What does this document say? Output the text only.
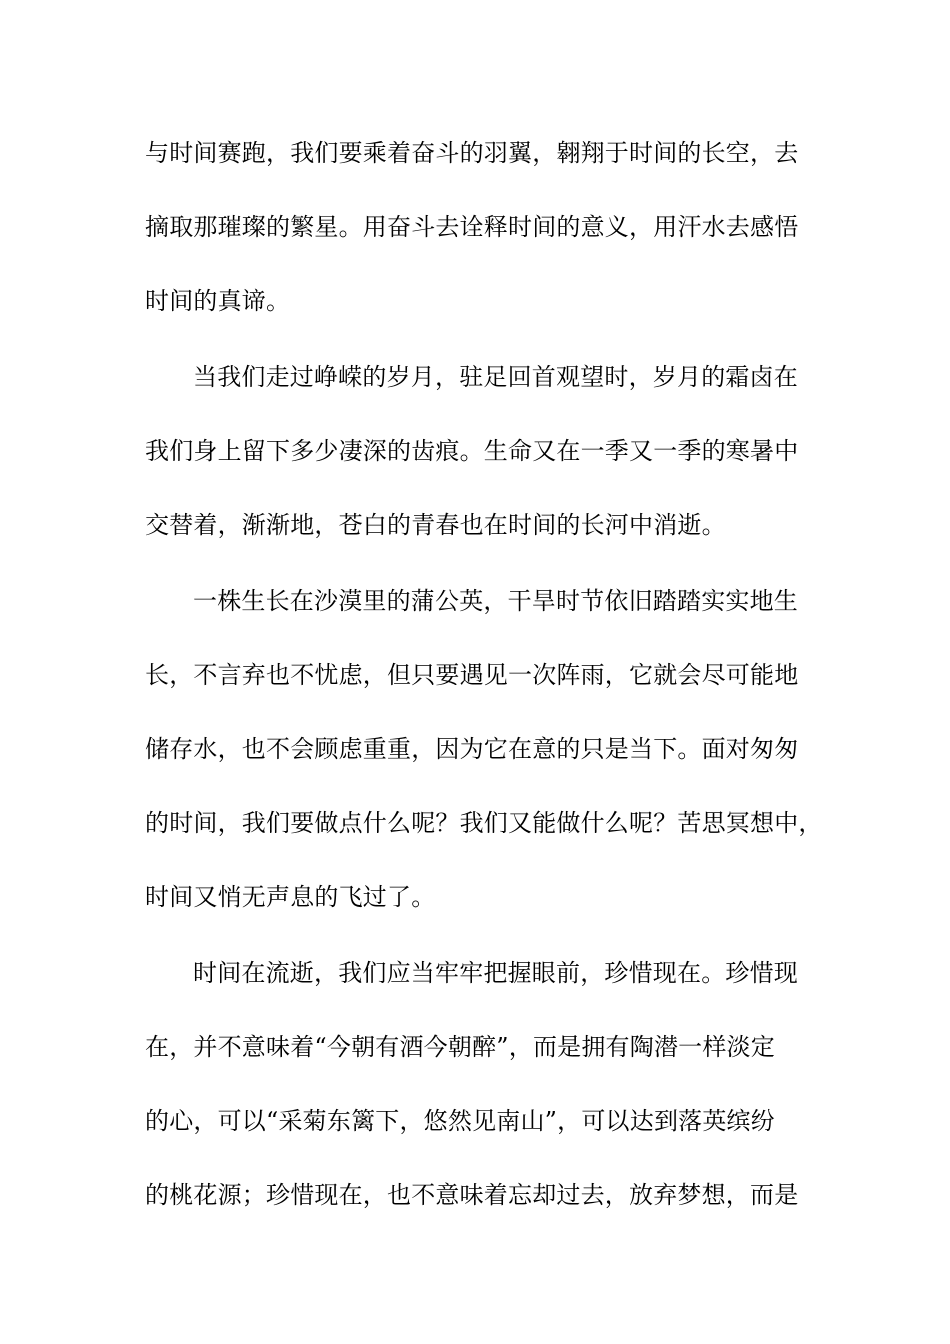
与时间赛跑，我们要乘着奋斗的羽翼，翱翔于时间的长空，去
摘取那璀璨的繁星。用奋斗去诠释时间的意义，用汗水去感悟
时间的真谛。
当我们走过峥嵘的岁月，驻足回首观望时，岁月的霜卤在
我们身上留下多少凄深的齿痕。生命又在一季又一季的寒暑中
交替着，渐渐地，苍白的青春也在时间的长河中消逝。
一株生长在沙漠里的蒲公英，干旱时节依旧踏踏实实地生
长，不言弃也不忧虑，但只要遇见一次阵雨，它就会尽可能地
储存水，也不会顾虑重重，因为它在意的只是当下。面对匆匆
的时间，我们要做点什么呢？我们又能做什么呢？苦思冥想中，
时间又悄无声息的飞过了。
时间在流逝，我们应当牢牢把握眼前，珍惜现在。珍惜现
在，并不意味着“今朝有酒今朝醉”，而是拥有陶潜一样淡定
的心，可以“采菊东篱下，悠然见南山”，可以达到落英缤纷
的桃花源；珍惜现在，也不意味着忘却过去，放弃梦想，而是
